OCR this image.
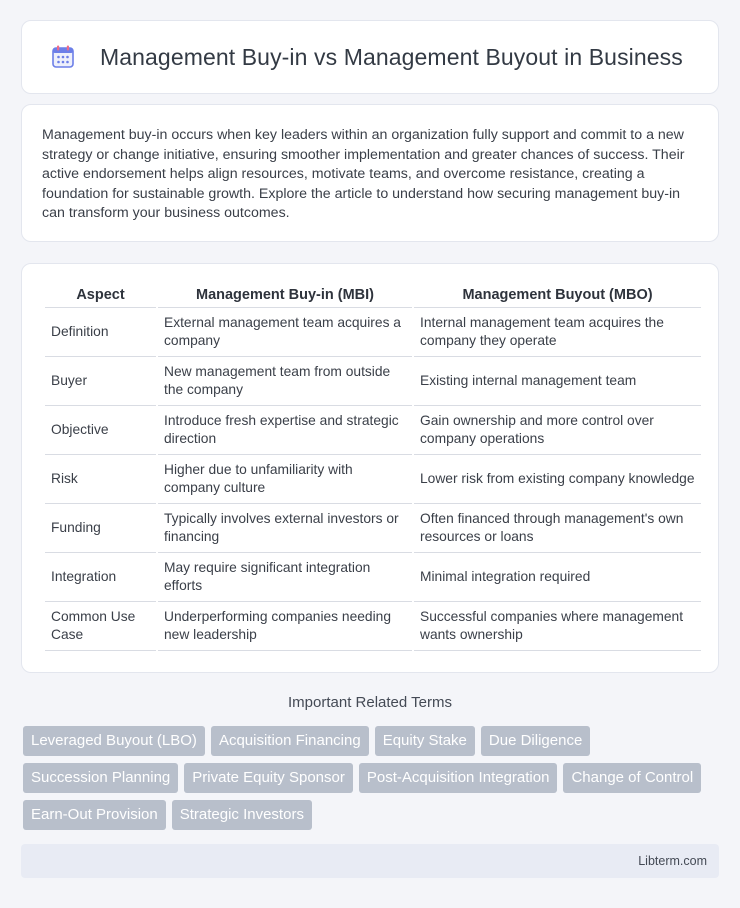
Management Buy-in vs Management Buyout in Business

Management buy-in occurs when key leaders within an organization fully support and commit to a new strategy or change initiative, ensuring smoother implementation and greater chances of success. Their active endorsement helps align resources, motivate teams, and overcome resistance, creating a foundation for sustainable growth. Explore the article to understand how securing management buy-in can transform your business outcomes.

Aspect	Management Buy-in (MBI)	Management Buyout (MBO)
Definition	External management team acquires a company	Internal management team acquires the company they operate
Buyer	New management team from outside the company	Existing internal management team
Objective	Introduce fresh expertise and strategic direction	Gain ownership and more control over company operations
Risk	Higher due to unfamiliarity with company culture	Lower risk from existing company knowledge
Funding	Typically involves external investors or financing	Often financed through management's own resources or loans
Integration	May require significant integration efforts	Minimal integration required
Common Use Case	Underperforming companies needing new leadership	Successful companies where management wants ownership
Important Related Terms
Leveraged Buyout (LBO)	Acquisition Financing	Equity Stake	Due Diligence
Succession Planning	Private Equity Sponsor	Post-Acquisition Integration	Change of Control
Earn-Out Provision	Strategic Investors
Libterm.com
